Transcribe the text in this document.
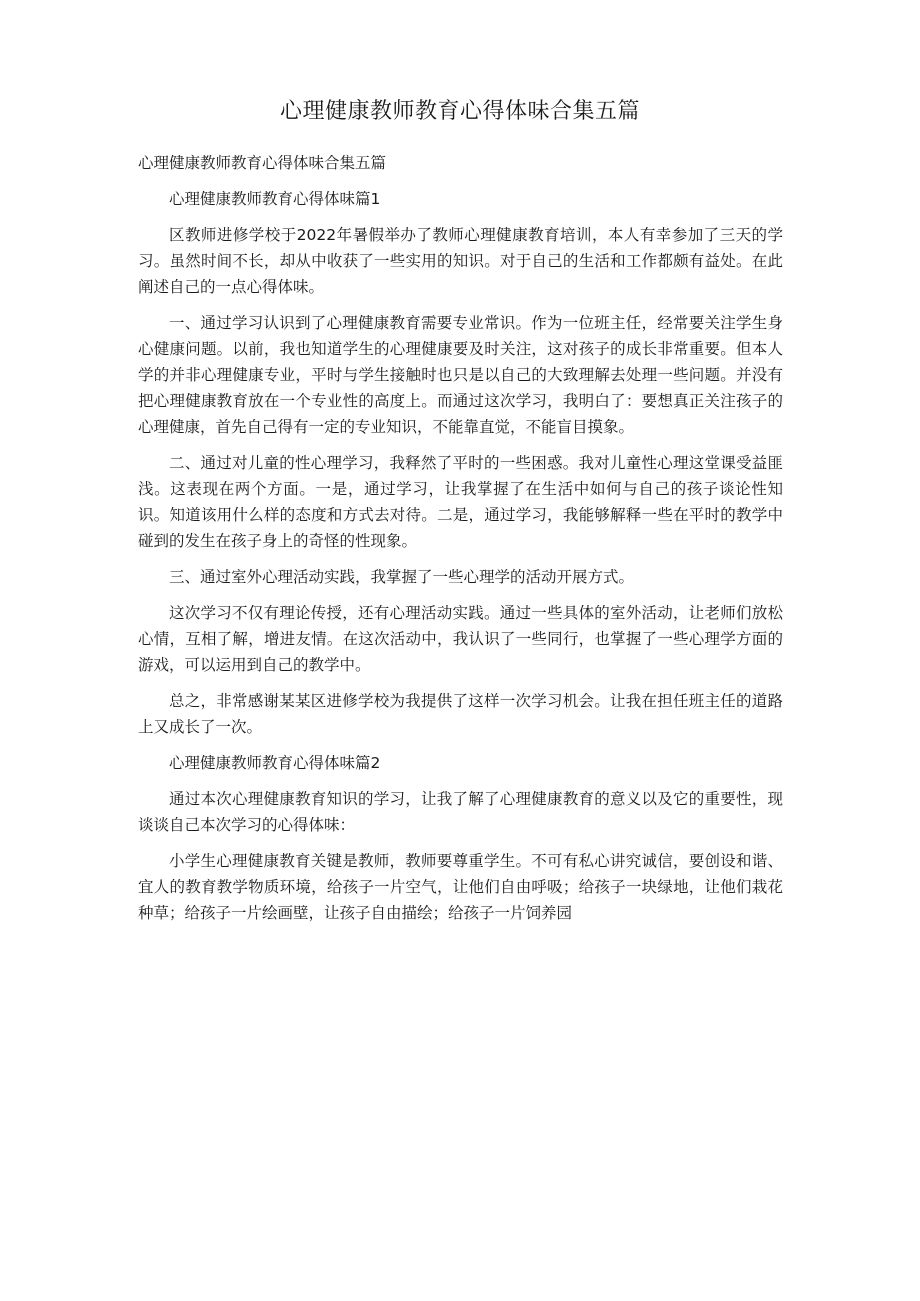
心理健康教师教育心得体味合集五篇

心理健康教师教育心得体味合集五篇

心理健康教师教育心得体味篇1

区教师进修学校于2022年暑假举办了教师心理健康教育培训，本人有幸参加了三天的学习。虽然时间不长，却从中收获了一些实用的知识。对于自己的生活和工作都颇有益处。在此阐述自己的一点心得体味。

一、通过学习认识到了心理健康教育需要专业常识。作为一位班主任，经常要关注学生身心健康问题。以前，我也知道学生的心理健康要及时关注，这对孩子的成长非常重要。但本人学的并非心理健康专业，平时与学生接触时也只是以自己的大致理解去处理一些问题。并没有把心理健康教育放在一个专业性的高度上。而通过这次学习，我明白了：要想真正关注孩子的心理健康，首先自己得有一定的专业知识，不能靠直觉，不能盲目摸象。

二、通过对儿童的性心理学习，我释然了平时的一些困惑。我对儿童性心理这堂课受益匪浅。这表现在两个方面。一是，通过学习，让我掌握了在生活中如何与自己的孩子谈论性知识。知道该用什么样的态度和方式去对待。二是，通过学习，我能够解释一些在平时的教学中碰到的发生在孩子身上的奇怪的性现象。

三、通过室外心理活动实践，我掌握了一些心理学的活动开展方式。

这次学习不仅有理论传授，还有心理活动实践。通过一些具体的室外活动，让老师们放松心情，互相了解，增进友情。在这次活动中，我认识了一些同行，也掌握了一些心理学方面的游戏，可以运用到自己的教学中。

总之，非常感谢某某区进修学校为我提供了这样一次学习机会。让我在担任班主任的道路上又成长了一次。

心理健康教师教育心得体味篇2

通过本次心理健康教育知识的学习，让我了解了心理健康教育的意义以及它的重要性，现谈谈自己本次学习的心得体味：

小学生心理健康教育关键是教师，教师要尊重学生。不可有私心讲究诚信，要创设和谐、宜人的教育教学物质环境，给孩子一片空气，让他们自由呼吸；给孩子一块绿地，让他们栽花种草；给孩子一片绘画壁，让孩子自由描绘；给孩子一片饲养园
